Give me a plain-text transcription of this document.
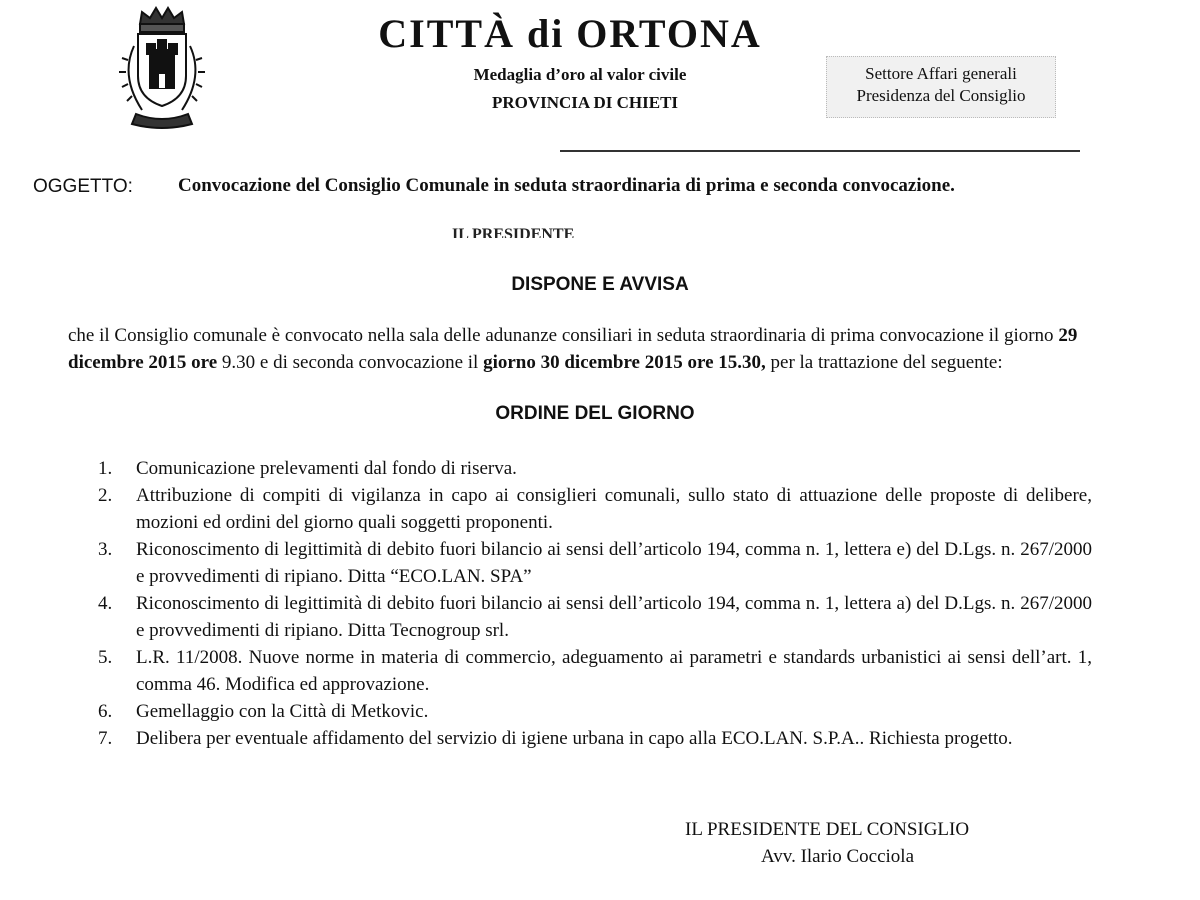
CITTÀ di ORTONA
Medaglia d’oro al valor civile
PROVINCIA DI CHIETI
Settore Affari generali
Presidenza del Consiglio
OGGETTO: Convocazione del Consiglio Comunale in seduta straordinaria di prima e seconda convocazione.
IL PRESIDENTE
DISPONE E AVVISA
che il Consiglio comunale è convocato nella sala delle adunanze consiliari in seduta straordinaria di prima convocazione il giorno 29 dicembre 2015 ore 9.30 e di seconda convocazione il giorno 30 dicembre 2015 ore 15.30, per la trattazione del seguente:
ORDINE DEL GIORNO
1. Comunicazione prelevamenti dal fondo di riserva.
2. Attribuzione di compiti di vigilanza in capo ai consiglieri comunali, sullo stato di attuazione delle proposte di delibere, mozioni ed ordini del giorno quali soggetti proponenti.
3. Riconoscimento di legittimità di debito fuori bilancio ai sensi dell’articolo 194, comma n. 1, lettera e) del D.Lgs. n. 267/2000 e provvedimenti di ripiano. Ditta “ECO.LAN. SPA”
4. Riconoscimento di legittimità di debito fuori bilancio ai sensi dell’articolo 194, comma n. 1, lettera a) del D.Lgs. n. 267/2000 e provvedimenti di ripiano. Ditta Tecnogroup srl.
5. L.R. 11/2008. Nuove norme in materia di commercio, adeguamento ai parametri e standards urbanistici ai sensi dell’art. 1, comma 46. Modifica ed approvazione.
6. Gemellaggio con la Città di Metkovic.
7. Delibera per eventuale affidamento del servizio di igiene urbana in capo alla ECO.LAN. S.P.A.. Richiesta progetto.
IL PRESIDENTE DEL CONSIGLIO
Avv. Ilario Cocciola
